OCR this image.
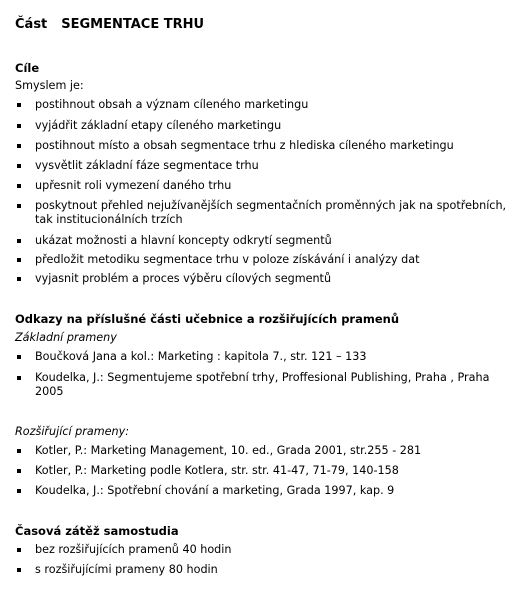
Část SEGMENTACE TRHU
Cíle
Smyslem je:
postihnout obsah a význam cíleného marketingu
vyjádřit základní etapy cíleného marketingu
postihnout místo a obsah segmentace trhu z hlediska cíleného marketingu
vysvětlit základní fáze segmentace trhu
upřesnit roli vymezení daného trhu
poskytnout přehled nejužívanějších segmentačních proměnných jak na spotřebních, tak institucionálních trzích
ukázat možnosti a hlavní koncepty odkrytí segmentů
předložit metodiku segmentace trhu v poloze získávání i analýzy dat
vyjasnit problém a proces výběru cílových segmentů
Odkazy na příslušné části učebnice a rozšiřujících pramenů
Základní prameny
Boučková Jana a kol.: Marketing : kapitola 7., str. 121 – 133
Koudelka, J.: Segmentujeme spotřební trhy, Proffesional Publishing, Praha , Praha 2005
Rozšiřující prameny:
Kotler, P.: Marketing Management, 10. ed., Grada 2001, str.255 - 281
Kotler, P.: Marketing podle Kotlera, str. str. 41-47, 71-79, 140-158
Koudelka, J.: Spotřební chování a marketing, Grada 1997, kap. 9
Časová zátěž samostudia
bez rozšiřujících pramenů 40 hodin
s rozšiřujícími prameny 80 hodin
